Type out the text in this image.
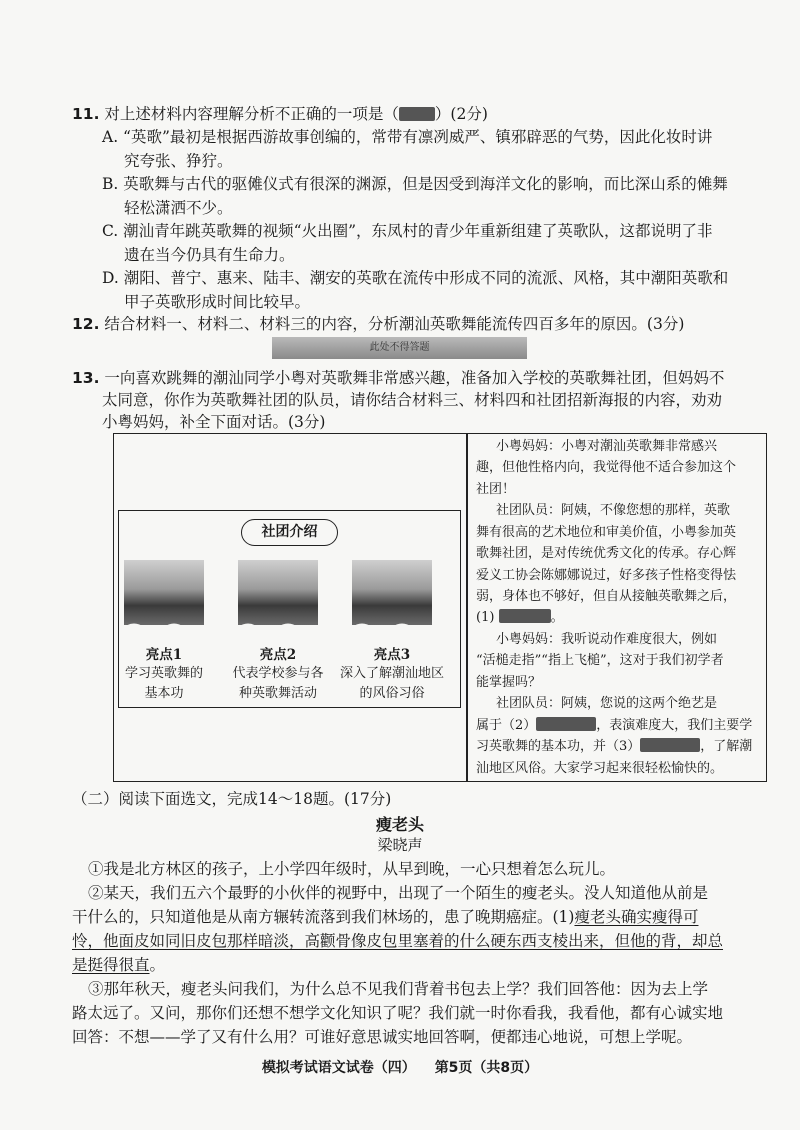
11. 对上述材料内容理解分析不正确的一项是（ ）(2分)
A. “英歌”最初是根据西游故事创编的，常带有凛冽威严、镇邪辟恶的气势，因此化妆时讲
究夸张、狰狞。
B. 英歌舞与古代的驱傩仪式有很深的渊源，但是因受到海洋文化的影响，而比深山系的傩舞
轻松潇洒不少。
C. 潮汕青年跳英歌舞的视频“火出圈”，东凤村的青少年重新组建了英歌队，这都说明了非
遗在当今仍具有生命力。
D. 潮阳、普宁、惠来、陆丰、潮安的英歌在流传中形成不同的流派、风格，其中潮阳英歌和
甲子英歌形成时间比较早。
12. 结合材料一、材料二、材料三的内容，分析潮汕英歌舞能流传四百多年的原因。(3分)
此处不得答题
13. 一向喜欢跳舞的潮汕同学小粤对英歌舞非常感兴趣，准备加入学校的英歌舞社团，但妈妈不
太同意，你作为英歌舞社团的队员，请你结合材料三、材料四和社团招新海报的内容，劝劝
小粤妈妈，补全下面对话。(3分)
社团介绍
亮点1
学习英歌舞的
基本功
亮点2
代表学校参与各
种英歌舞活动
亮点3
深入了解潮汕地区
的风俗习俗
小粤妈妈：小粤对潮汕英歌舞非常感兴
趣，但他性格内向，我觉得他不适合参加这个
社团！
社团队员：阿姨，不像您想的那样，英歌
舞有很高的艺术地位和审美价值，小粤参加英
歌舞社团，是对传统优秀文化的传承。存心辉
爱义工协会陈娜娜说过，好多孩子性格变得怯
弱，身体也不够好，但自从接触英歌舞之后，
(1)	。
小粤妈妈：我听说动作难度很大，例如
“活槌走指”“指上飞槌”，这对于我们初学者
能掌握吗？
社团队员：阿姨，您说的这两个绝艺是
属于（2）	，表演难度大，我们主要学
习英歌舞的基本功，并（3）	，了解潮
汕地区风俗。大家学习起来很轻松愉快的。
（二）阅读下面选文，完成14～18题。(17分)
瘦老头
梁晓声
①我是北方林区的孩子，上小学四年级时，从早到晚，一心只想着怎么玩儿。
②某天，我们五六个最野的小伙伴的视野中，出现了一个陌生的瘦老头。没人知道他从前是
干什么的，只知道他是从南方辗转流落到我们林场的，患了晚期癌症。(1)瘦老头确实瘦得可
怜，他面皮如同旧皮包那样暗淡，高颧骨像皮包里塞着的什么硬东西支棱出来，但他的背，却总
是挺得很直。
③那年秋天，瘦老头问我们，为什么总不见我们背着书包去上学？我们回答他：因为去上学
路太远了。又问，那你们还想不想学文化知识了呢？我们就一时你看我，我看他，都有心诚实地
回答：不想——学了又有什么用？可谁好意思诚实地回答啊，便都违心地说，可想上学呢。
模拟考试语文试卷（四） 第5页（共8页）
